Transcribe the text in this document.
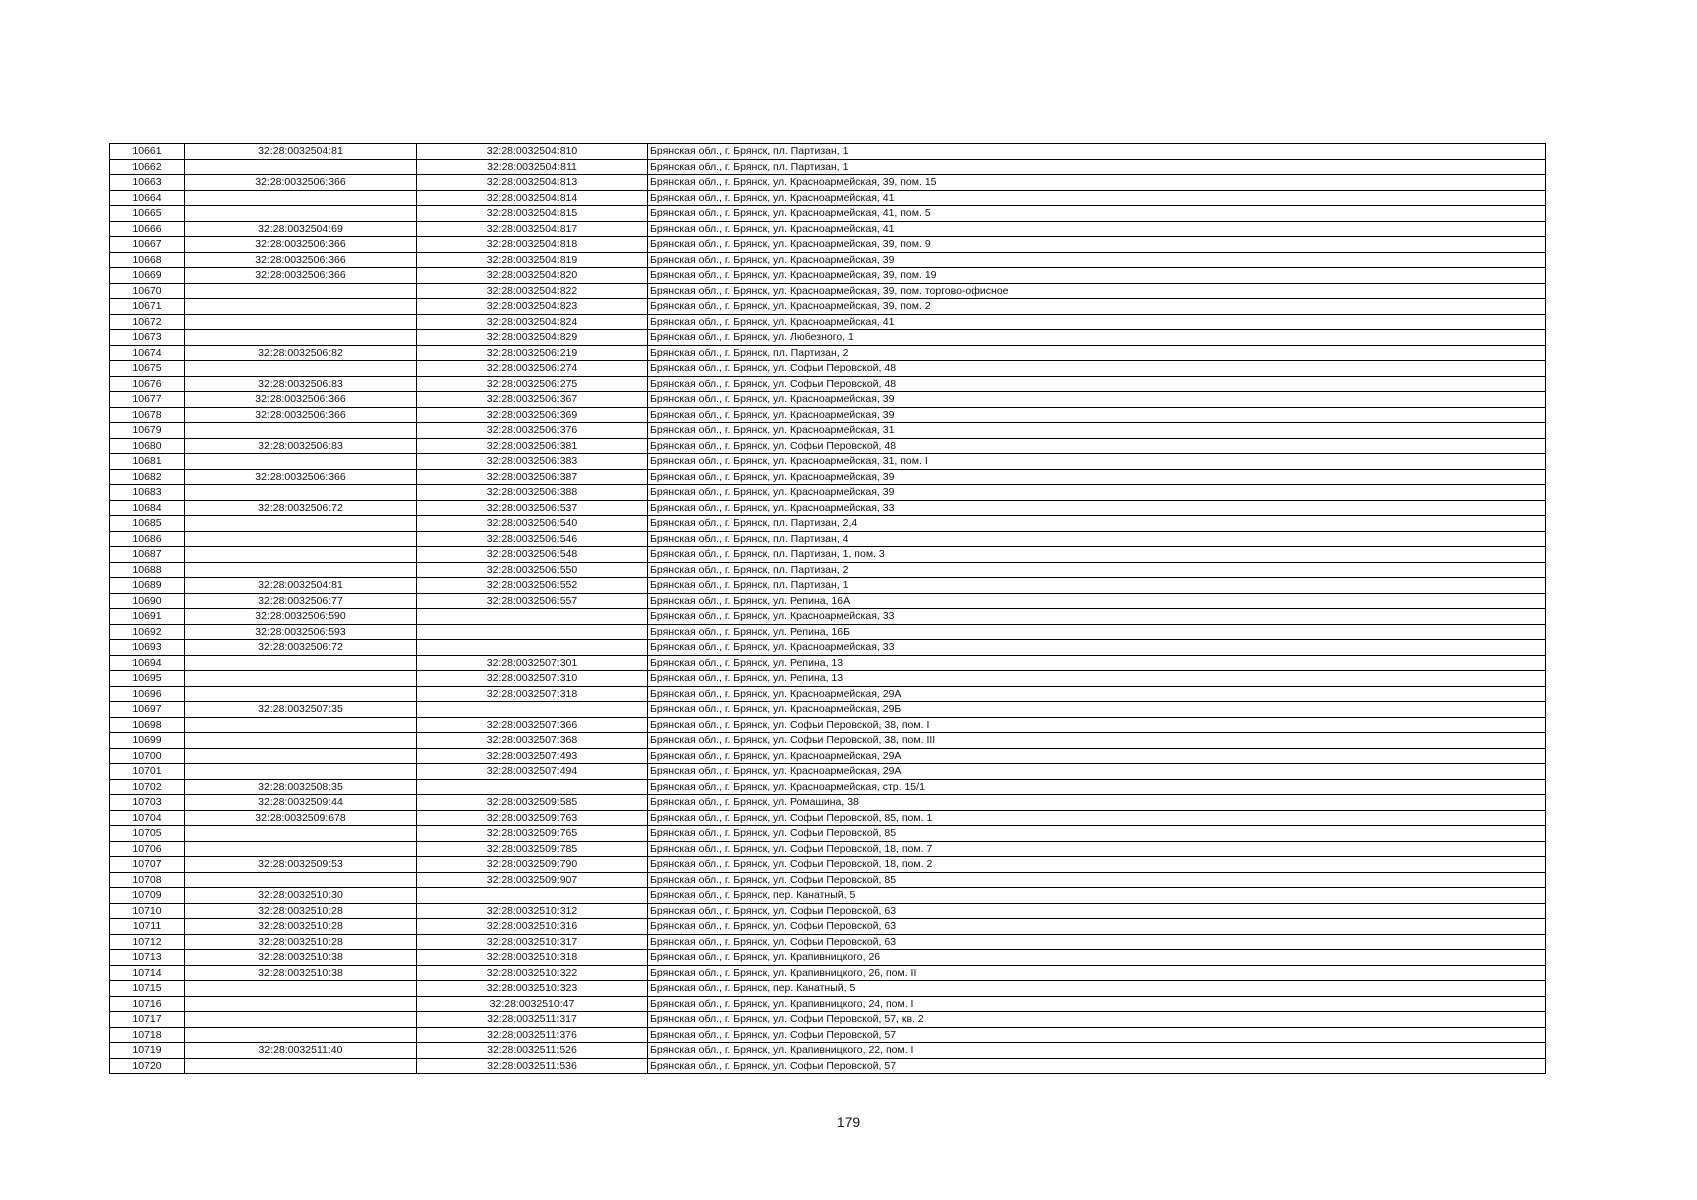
10661	32:28:0032504:81	32:28:0032504:810	Брянская обл., г. Брянск, пл. Партизан, 1
10662		32:28:0032504:811	Брянская обл., г. Брянск, пл. Партизан, 1
10663	32:28:0032506:366	32:28:0032504:813	Брянская обл., г. Брянск, ул. Красноармейская, 39, пом. 15
10664		32:28:0032504:814	Брянская обл., г. Брянск, ул. Красноармейская, 41
10665		32:28:0032504:815	Брянская обл., г. Брянск, ул. Красноармейская, 41, пом. 5
10666	32:28:0032504:69	32:28:0032504:817	Брянская обл., г. Брянск, ул. Красноармейская, 41
10667	32:28:0032506:366	32:28:0032504:818	Брянская обл., г. Брянск, ул. Красноармейская, 39, пом. 9
10668	32:28:0032506:366	32:28:0032504:819	Брянская обл., г. Брянск, ул. Красноармейская, 39
10669	32:28:0032506:366	32:28:0032504:820	Брянская обл., г. Брянск, ул. Красноармейская, 39, пом. 19
10670		32:28:0032504:822	Брянская обл., г. Брянск, ул. Красноармейская, 39, пом. торгово-офисное
10671		32:28:0032504:823	Брянская обл., г. Брянск, ул. Красноармейская, 39, пом. 2
10672		32:28:0032504:824	Брянская обл., г. Брянск, ул. Красноармейская, 41
10673		32:28:0032504:829	Брянская обл., г. Брянск, ул. Любезного, 1
10674	32:28:0032506:82	32:28:0032506:219	Брянская обл., г. Брянск, пл. Партизан, 2
10675		32:28:0032506:274	Брянская обл., г. Брянск, ул. Софьи Перовской, 48
10676	32:28:0032506:83	32:28:0032506:275	Брянская обл., г. Брянск, ул. Софьи Перовской, 48
10677	32:28:0032506:366	32:28:0032506:367	Брянская обл., г. Брянск, ул. Красноармейская, 39
10678	32:28:0032506:366	32:28:0032506:369	Брянская обл., г. Брянск, ул. Красноармейская, 39
10679		32:28:0032506:376	Брянская обл., г. Брянск, ул. Красноармейская, 31
10680	32:28:0032506:83	32:28:0032506:381	Брянская обл., г. Брянск, ул. Софьи Перовской, 48
10681		32:28:0032506:383	Брянская обл., г. Брянск, ул. Красноармейская, 31, пом. I
10682	32:28:0032506:366	32:28:0032506:387	Брянская обл., г. Брянск, ул. Красноармейская, 39
10683		32:28:0032506:388	Брянская обл., г. Брянск, ул. Красноармейская, 39
10684	32:28:0032506:72	32:28:0032506:537	Брянская обл., г. Брянск, ул. Красноармейская, 33
10685		32:28:0032506:540	Брянская обл., г. Брянск, пл. Партизан, 2,4
10686		32:28:0032506:546	Брянская обл., г. Брянск, пл. Партизан, 4
10687		32:28:0032506:548	Брянская обл., г. Брянск, пл. Партизан, 1, пом. 3
10688		32:28:0032506:550	Брянская обл., г. Брянск, пл. Партизан, 2
10689	32:28:0032504:81	32:28:0032506:552	Брянская обл., г. Брянск, пл. Партизан, 1
10690	32:28:0032506:77	32:28:0032506:557	Брянская обл., г. Брянск, ул. Репина, 16А
10691	32:28:0032506:590		Брянская обл., г. Брянск, ул. Красноармейская, 33
10692	32:28:0032506:593		Брянская обл., г. Брянск, ул. Репина, 16Б
10693	32:28:0032506:72		Брянская обл., г. Брянск, ул. Красноармейская, 33
10694		32:28:0032507:301	Брянская обл., г. Брянск, ул. Репина, 13
10695		32:28:0032507:310	Брянская обл., г. Брянск, ул. Репина, 13
10696		32:28:0032507:318	Брянская обл., г. Брянск, ул. Красноармейская, 29А
10697	32:28:0032507:35		Брянская обл., г. Брянск, ул. Красноармейская, 29Б
10698		32:28:0032507:366	Брянская обл., г. Брянск, ул. Софьи Перовской, 38, пом. I
10699		32:28:0032507:368	Брянская обл., г. Брянск, ул. Софьи Перовской, 38, пом. III
10700		32:28:0032507:493	Брянская обл., г. Брянск, ул. Красноармейская, 29А
10701		32:28:0032507:494	Брянская обл., г. Брянск, ул. Красноармейская, 29А
10702	32:28:0032508:35		Брянская обл., г. Брянск, ул. Красноармейская, стр. 15/1
10703	32:28:0032509:44	32:28:0032509:585	Брянская обл., г. Брянск, ул. Ромашина, 38
10704	32:28:0032509:678	32:28:0032509:763	Брянская обл., г. Брянск, ул. Софьи Перовской, 85, пом. 1
10705		32:28:0032509:765	Брянская обл., г. Брянск, ул. Софьи Перовской, 85
10706		32:28:0032509:785	Брянская обл., г. Брянск, ул. Софьи Перовской, 18, пом. 7
10707	32:28:0032509:53	32:28:0032509:790	Брянская обл., г. Брянск, ул. Софьи Перовской, 18, пом. 2
10708		32:28:0032509:907	Брянская обл., г. Брянск, ул. Софьи Перовской, 85
10709	32:28:0032510:30		Брянская обл., г. Брянск, пер. Канатный, 5
10710	32:28:0032510:28	32:28:0032510:312	Брянская обл., г. Брянск, ул. Софьи Перовской, 63
10711	32:28:0032510:28	32:28:0032510:316	Брянская обл., г. Брянск, ул. Софьи Перовской, 63
10712	32:28:0032510:28	32:28:0032510:317	Брянская обл., г. Брянск, ул. Софьи Перовской, 63
10713	32:28:0032510:38	32:28:0032510:318	Брянская обл., г. Брянск, ул. Крапивницкого, 26
10714	32:28:0032510:38	32:28:0032510:322	Брянская обл., г. Брянск, ул. Крапивницкого, 26, пом. II
10715		32:28:0032510:323	Брянская обл., г. Брянск, пер. Канатный, 5
10716		32:28:0032510:47	Брянская обл., г. Брянск, ул. Крапивницкого, 24, пом. I
10717		32:28:0032511:317	Брянская обл., г. Брянск, ул. Софьи Перовской, 57, кв. 2
10718		32:28:0032511:376	Брянская обл., г. Брянск, ул. Софьи Перовской, 57
10719	32:28:0032511:40	32:28:0032511:526	Брянская обл., г. Брянск, ул. Крапивницкого, 22, пом. I
10720		32:28:0032511:536	Брянская обл., г. Брянск, ул. Софьи Перовской, 57
179
